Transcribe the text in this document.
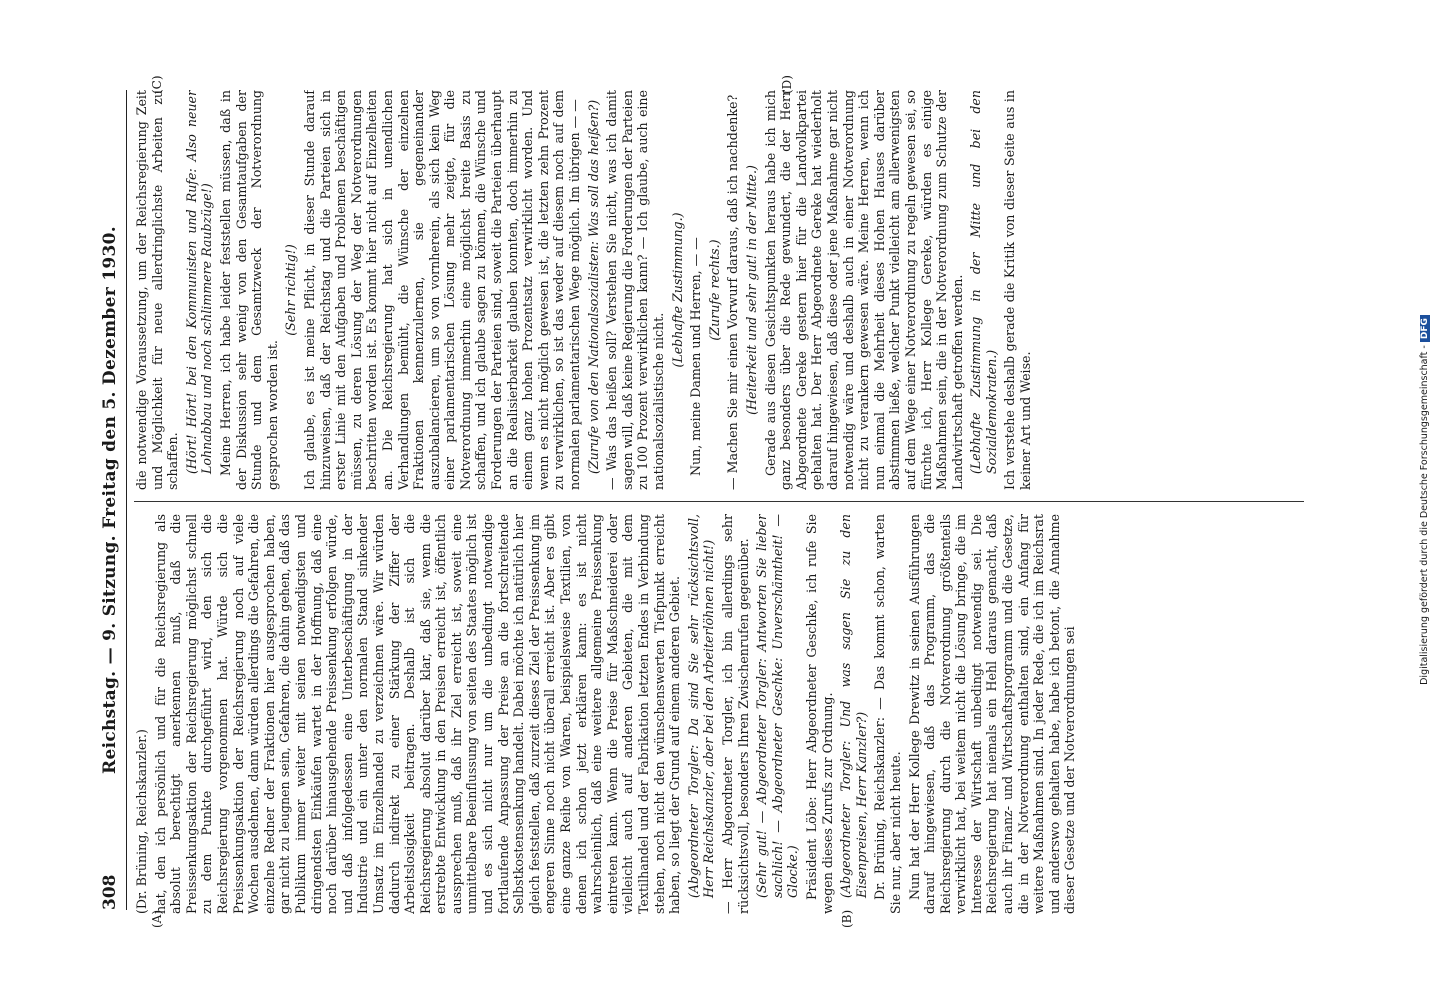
308
Reichstag. — 9. Sitzung. Freitag den 5. Dezember 1930.
(A)	(B)
(C)	(D)

(Dr. Brüning, Reichskanzler.) hat, den ich persönlich und für die Reichsregierung als absolut berechtigt anerkennen muß, daß die Preissenkungsaktion der Reichsregierung möglichst schnell zu dem Punkte durchgeführt wird, den sich die Reichsregierung vorgenommen hat. Würde sich die Preissenkungsaktion der Reichsregierung noch auf viele Wochen ausdehnen, dann würden allerdings die Gefahren, die einzelne Redner der Fraktionen hier ausgesprochen haben, gar nicht zu leugnen sein, Gefahren, die dahin gehen, daß das Publikum immer weiter mit seinen notwendigsten und dringendsten Einkäufen wartet in der Hoffnung, daß eine noch darüber hinausgehende Preissenkung erfolgen würde, und daß infolgedessen eine Unterbeschäftigung in der Industrie und ein unter den normalen Stand sinkender Umsatz im Einzelhandel zu verzeichnen wäre. Wir würden dadurch indirekt zu einer Stärkung der Ziffer der Arbeitslosigkeit beitragen. Deshalb ist sich die Reichsregierung absolut darüber klar, daß sie, wenn die erstrebte Entwicklung in den Preisen erreicht ist, öffentlich aussprechen muß, daß ihr Ziel erreicht ist, soweit eine unmittelbare Beeinflussung von seiten des Staates möglich ist und es sich nicht nur um die unbedingt notwendige fortlaufende Anpassung der Preise an die fortschreitende Selbstkostensenkung handelt. Dabei möchte ich natürlich hier gleich feststellen, daß zurzeit dieses Ziel der Preissenkung im engeren Sinne noch nicht überall erreicht ist. Aber es gibt eine ganze Reihe von Waren, beispielsweise Textilien, von denen ich schon jetzt erklären kann: es ist nicht wahrscheinlich, daß eine weitere allgemeine Preissenkung eintreten kann. Wenn die Preise für Maßschneiderei oder vielleicht auch auf anderen Gebieten, die mit dem Textilhandel und der Fabrikation letzten Endes in Verbindung stehen, noch nicht den wünschenswerten Tiefpunkt erreicht haben, so liegt der Grund auf einem anderen Gebiet. (Abgeordneter Torgler: Da sind Sie sehr rücksichtsvoll, Herr Reichskanzler, aber bei den Arbeiterlöhnen nicht!) — Herr Abgeordneter Torgler, ich bin allerdings sehr rücksichtsvoll, besonders Ihren Zwischenrufen gegenüber. (Sehr gut! — Abgeordneter Torgler: Antworten Sie lieber sachlich! — Abgeordneter Geschke: Unverschämtheit! — Glocke.) Präsident Löbe: Herr Abgeordneter Geschke, ich rufe Sie wegen dieses Zurufs zur Ordnung. (Abgeordneter Torgler: Und was sagen Sie zu den Eisenpreisen, Herr Kanzler?) Dr. Brüning, Reichskanzler: — Das kommt schon, warten Sie nur, aber nicht heute. Nun hat der Herr Kollege Drewitz in seinen Ausführungen darauf hingewiesen, daß das Programm, das die Reichsregierung durch die Notverordnung größtenteils verwirklicht hat, bei weitem nicht die Lösung bringe, die im Interesse der Wirtschaft unbedingt notwendig sei. Die Reichsregierung hat niemals ein Hehl daraus gemacht, daß auch ihr Finanz- und Wirtschaftsprogramm und die Gesetze, die in der Notverordnung enthalten sind, ein Anfang für weitere Maßnahmen sind. In jeder Rede, die ich im Reichsrat und anderswo gehalten habe, habe ich betont, die Annahme dieser Gesetze und der Notverordnungen sei

die notwendige Voraussetzung, um der Reichsregierung Zeit und Möglichkeit für neue allerdringlichste Arbeiten zu schaffen. (Hört! Hört! bei den Kommunisten und Rufe: Also neuer Lohnabbau und noch schlimmere Raubzüge!) Meine Herren, ich habe leider feststellen müssen, daß in der Diskussion sehr wenig von den Gesamtaufgaben der Stunde und dem Gesamtzweck der Notverordnung gesprochen worden ist.

(Sehr richtig!) Ich glaube, es ist meine Pflicht, in dieser Stunde darauf hinzuweisen, daß der Reichstag und die Parteien sich in erster Linie mit den Aufgaben und Problemen beschäftigen müssen, zu deren Lösung der Weg der Notverordnungen beschritten worden ist. Es kommt hier nicht auf Einzelheiten an. Die Reichsregierung hat sich in unendlichen Verhandlungen bemüht, die Wünsche der einzelnen Fraktionen kennenzulernen, sie gegeneinander auszubalancieren, um so von vornherein, als sich kein Weg einer parlamentarischen Lösung mehr zeigte, für die Notverordnung immerhin eine möglichst breite Basis zu schaffen, und ich glaube sagen zu können, die Wünsche und Forderungen der Parteien sind, soweit die Parteien überhaupt an die Realisierbarkeit glauben konnten, doch immerhin zu einem ganz hohen Prozentsatz verwirklicht worden. Und wenn es nicht möglich gewesen ist, die letzten zehn Prozent zu verwirklichen, so ist das weder auf diesem noch auf dem normalen parlamentarischen Wege möglich. Im übrigen — — (Zurufe von den Nationalsozialisten: Was soll das heißen?) — Was das heißen soll? Verstehen Sie nicht, was ich damit sagen will, daß keine Regierung die Forderungen der Parteien zu 100 Prozent verwirklichen kann? — Ich glaube, auch eine nationalsozialistische nicht.

(Lebhafte Zustimmung.) Nun, meine Damen und Herren, — — (Zurufe rechts.) — Machen Sie mir einen Vorwurf daraus, daß ich nachdenke? (Heiterkeit und sehr gut! in der Mitte.) Gerade aus diesen Gesichtspunkten heraus habe ich mich ganz besonders über die Rede gewundert, die der Herr Abgeordnete Gereke gestern hier für die Landvolkpartei gehalten hat. Der Herr Abgeordnete Gereke hat wiederholt darauf hingewiesen, daß diese oder jene Maßnahme gar nicht notwendig wäre und deshalb auch in einer Notverordnung nicht zu verankern gewesen wäre. Meine Herren, wenn ich nun einmal die Mehrheit dieses Hohen Hauses darüber abstimmen ließe, welcher Punkt vielleicht am allerwenigsten auf dem Wege einer Notverordnung zu regeln gewesen sei, so fürchte ich, Herr Kollege Gereke, würden es einige Maßnahmen sein, die in der Notverordnung zum Schutze der Landwirtschaft getroffen werden. (Lebhafte Zustimmung in der Mitte und bei den Sozialdemokraten.) Ich verstehe deshalb gerade die Kritik von dieser Seite aus in keiner Art und Weise.	Digitalisierung gefördert durch die Deutsche Forschungsgemeinschaft -DFG
